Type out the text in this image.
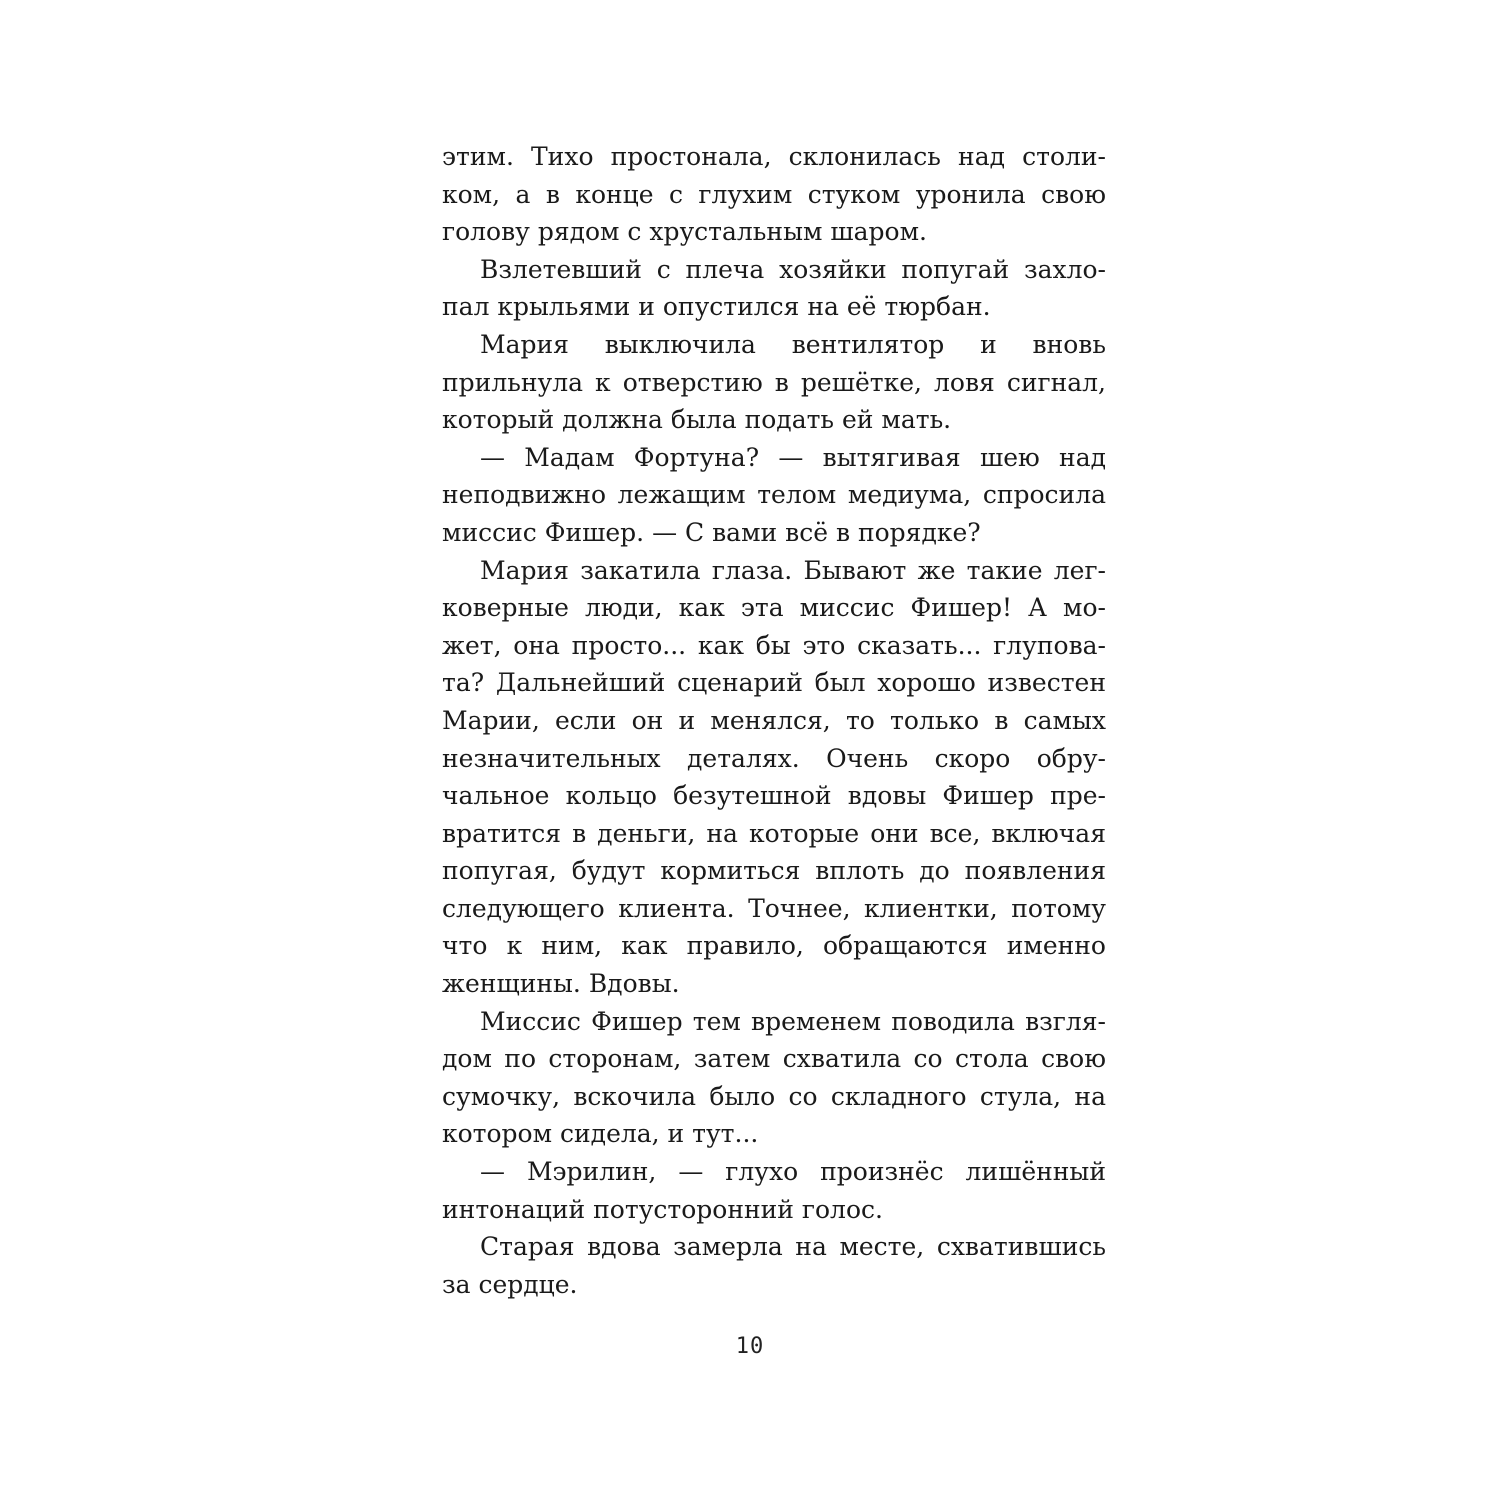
этим. Тихо простонала, склонилась над столи-
ком, а в конце с глухим стуком уронила свою
голову рядом с хрустальным шаром.
Взлетевший с плеча хозяйки попугай захло-
пал крыльями и опустился на её тюрбан.
Мария выключила вентилятор и вновь
прильнула к отверстию в решётке, ловя сигнал,
который должна была подать ей мать.
— Мадам Фортуна? — вытягивая шею над
неподвижно лежащим телом медиума, спросила
миссис Фишер. — С вами всё в порядке?
Мария закатила глаза. Бывают же такие лег-
коверные люди, как эта миссис Фишер! А мо-
жет, она просто... как бы это сказать... глупова-
та? Дальнейший сценарий был хорошо известен
Марии, если он и менялся, то только в самых
незначительных деталях. Очень скоро обру-
чальное кольцо безутешной вдовы Фишер пре-
вратится в деньги, на которые они все, включая
попугая, будут кормиться вплоть до появления
следующего клиента. Точнее, клиентки, потому
что к ним, как правило, обращаются именно
женщины. Вдовы.
Миссис Фишер тем временем поводила взгля-
дом по сторонам, затем схватила со стола свою
сумочку, вскочила было со складного стула, на
котором сидела, и тут...
— Мэрилин, — глухо произнёс лишённый
интонаций потусторонний голос.
Старая вдова замерла на месте, схватившись
за сердце.
10
